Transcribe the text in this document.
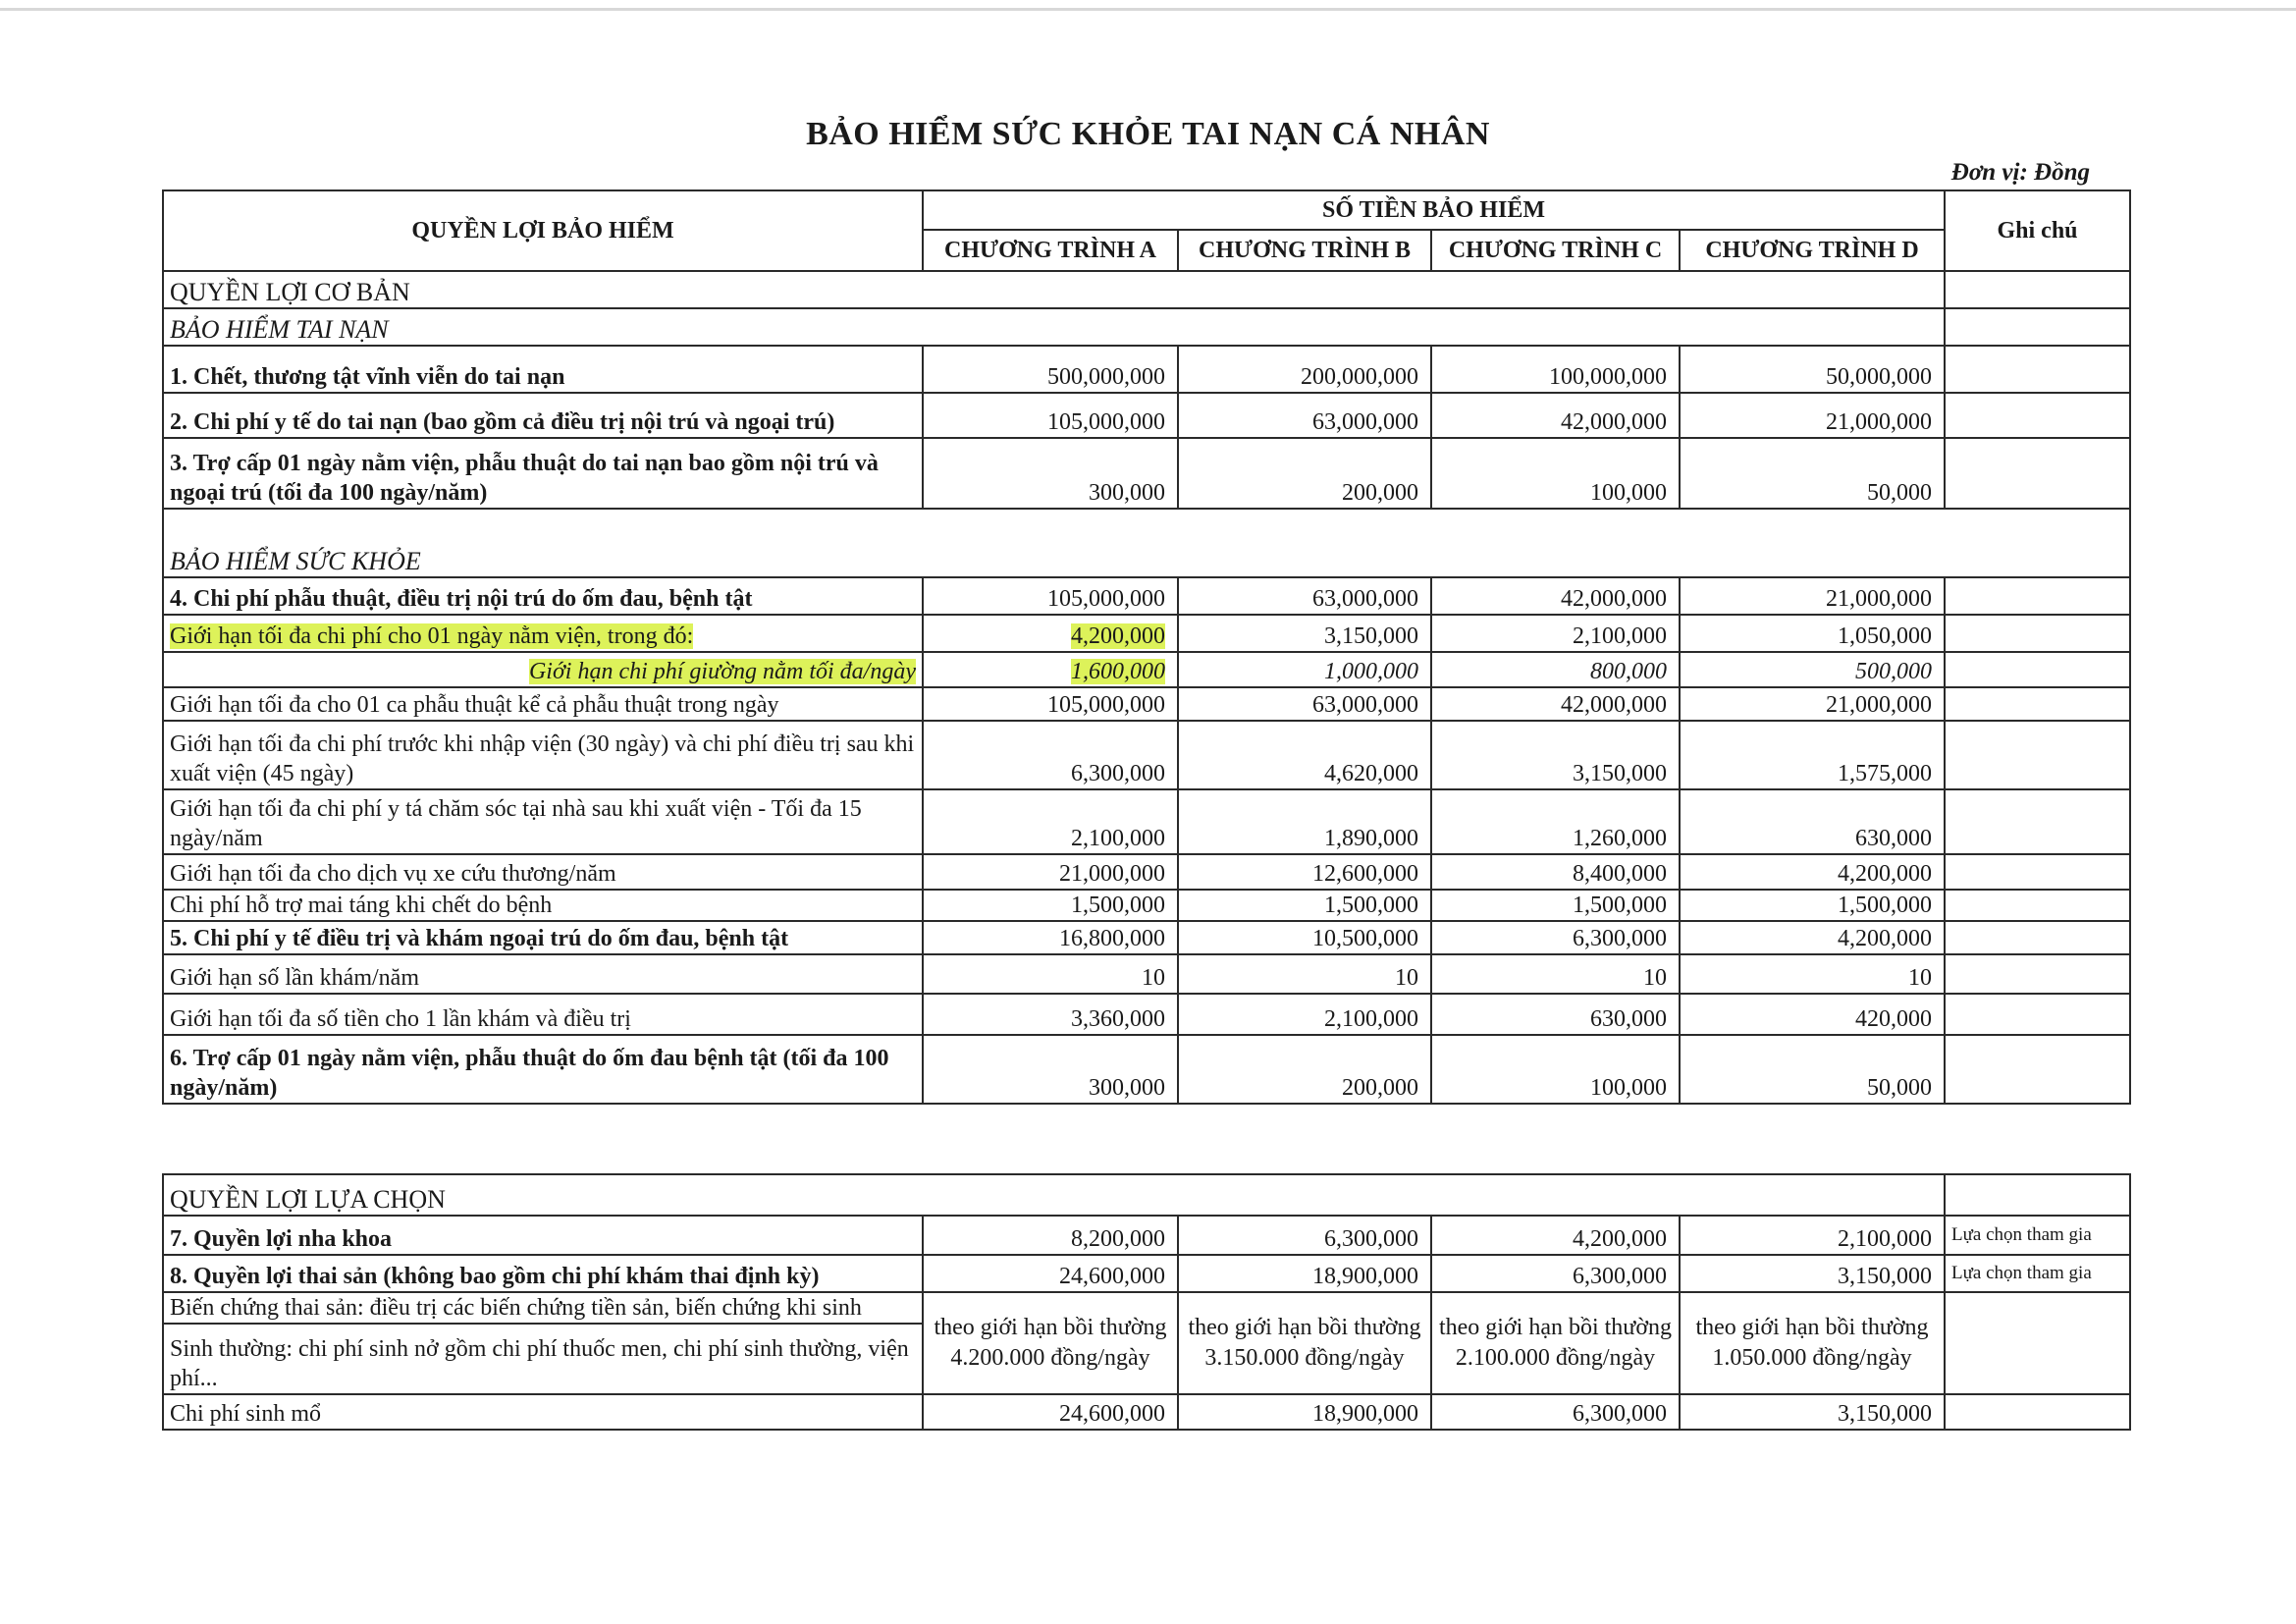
BẢO HIỂM SỨC KHỎE TAI NẠN CÁ NHÂN
Đơn vị: Đồng
QUYỀN LỢI BẢO HIỂM	SỐ TIỀN BẢO HIỂM				Ghi chú
	CHƯƠNG TRÌNH A	CHƯƠNG TRÌNH B	CHƯƠNG TRÌNH C	CHƯƠNG TRÌNH D	
QUYỀN LỢI CƠ BẢN					
BẢO HIỂM TAI NẠN					
1. Chết, thương tật vĩnh viễn do tai nạn	500,000,000	200,000,000	100,000,000	50,000,000	
2. Chi phí y tế do tai nạn (bao gồm cả điều trị nội trú và ngoại trú)	105,000,000	63,000,000	42,000,000	21,000,000	
3. Trợ cấp 01 ngày nằm viện, phẫu thuật do tai nạn bao gồm nội trú và ngoại trú (tối đa 100 ngày/năm)	300,000	200,000	100,000	50,000	
BẢO HIỂM SỨC KHỎE					
4. Chi phí phẫu thuật, điều trị nội trú do ốm đau, bệnh tật	105,000,000	63,000,000	42,000,000	21,000,000	
Giới hạn tối đa chi phí cho 01 ngày nằm viện, trong đó:	4,200,000	3,150,000	2,100,000	1,050,000	
Giới hạn chi phí giường nằm tối đa/ngày	1,600,000	1,000,000	800,000	500,000	
Giới hạn tối đa cho 01 ca phẫu thuật kể cả phẫu thuật trong ngày	105,000,000	63,000,000	42,000,000	21,000,000	
Giới hạn tối đa chi phí trước khi nhập viện (30 ngày) và chi phí điều trị sau khi xuất viện (45 ngày)	6,300,000	4,620,000	3,150,000	1,575,000	
Giới hạn tối đa chi phí y tá chăm sóc tại nhà sau khi xuất viện - Tối đa 15 ngày/năm	2,100,000	1,890,000	1,260,000	630,000	
Giới hạn tối đa cho dịch vụ xe cứu thương/năm	21,000,000	12,600,000	8,400,000	4,200,000	
Chi phí hỗ trợ mai táng khi chết do bệnh	1,500,000	1,500,000	1,500,000	1,500,000	
5. Chi phí y tế điều trị và khám ngoại trú do ốm đau, bệnh tật	16,800,000	10,500,000	6,300,000	4,200,000	
Giới hạn số lần khám/năm	10	10	10	10	
Giới hạn tối đa số tiền cho 1 lần khám và điều trị	3,360,000	2,100,000	630,000	420,000	
6. Trợ cấp 01 ngày nằm viện, phẫu thuật do ốm đau bệnh tật (tối đa 100 ngày/năm)	300,000	200,000	100,000	50,000	
QUYỀN LỢI LỰA CHỌN					
7. Quyền lợi nha khoa	8,200,000	6,300,000	4,200,000	2,100,000	Lựa chọn tham gia
8. Quyền lợi thai sản (không bao gồm chi phí khám thai định kỳ)	24,600,000	18,900,000	6,300,000	3,150,000	Lựa chọn tham gia
Biến chứng thai sản: điều trị các biến chứng tiền sản, biến chứng khi sinh	theo giới hạn bồi thường 4.200.000 đồng/ngày	theo giới hạn bồi thường 3.150.000 đồng/ngày	theo giới hạn bồi thường 2.100.000 đồng/ngày	theo giới hạn bồi thường 1.050.000 đồng/ngày	
Sinh thường: chi phí sinh nở gồm chi phí thuốc men, chi phí sinh thường, viện phí...					
Chi phí sinh mổ	24,600,000	18,900,000	6,300,000	3,150,000	
